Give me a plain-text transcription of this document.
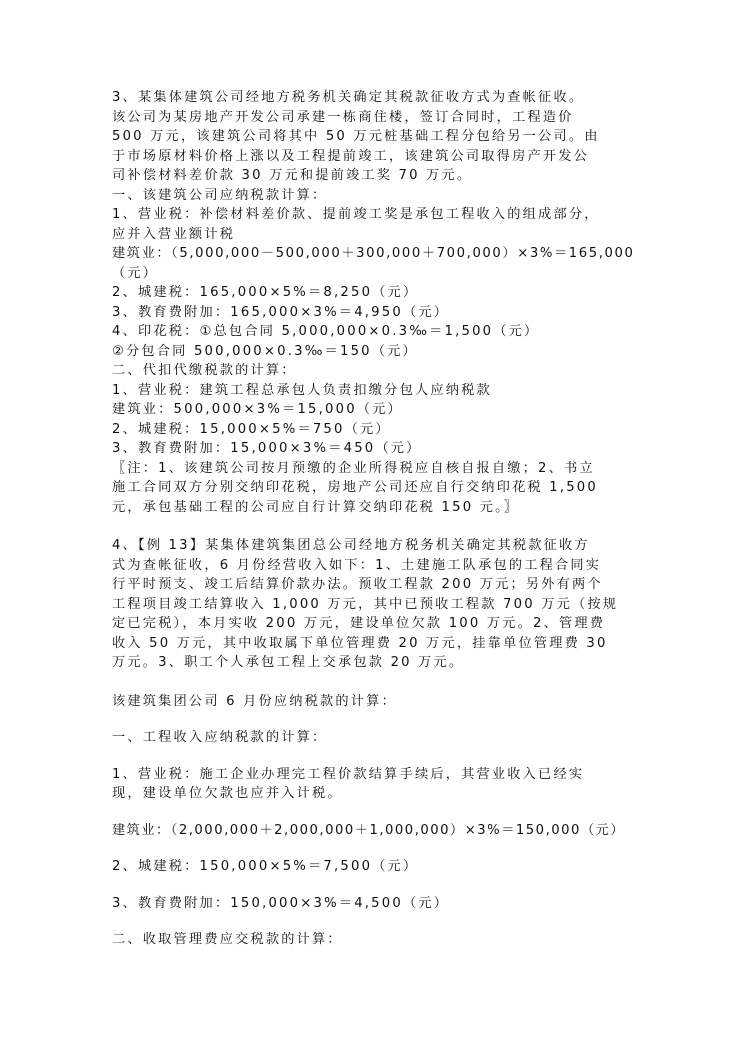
3、某集体建筑公司经地方税务机关确定其税款征收方式为查帐征收。
该公司为某房地产开发公司承建一栋商住楼，签订合同时，工程造价
500 万元，该建筑公司将其中 50 万元桩基础工程分包给另一公司。由
于市场原材料价格上涨以及工程提前竣工，该建筑公司取得房产开发公
司补偿材料差价款 30 万元和提前竣工奖 70 万元。
一、该建筑公司应纳税款计算：
1、营业税：补偿材料差价款、提前竣工奖是承包工程收入的组成部分，
应并入营业额计税
建筑业：（5,000,000－500,000＋300,000＋700,000）×3%＝165,000
（元）
2、城建税：165,000×5%＝8,250（元）
3、教育费附加：165,000×3%＝4,950（元）
4、印花税：①总包合同 5,000,000×0.3‰＝1,500（元）
②分包合同 500,000×0.3‰＝150（元）
二、代扣代缴税款的计算：
1、营业税：建筑工程总承包人负责扣缴分包人应纳税款
建筑业：500,000×3%＝15,000（元）
2、城建税：15,000×5%＝750（元）
3、教育费附加：15,000×3%＝450（元）
〖注：1、该建筑公司按月预缴的企业所得税应自核自报自缴；2、书立
施工合同双方分别交纳印花税，房地产公司还应自行交纳印花税 1,500
元，承包基础工程的公司应自行计算交纳印花税 150 元。〗
4、【例 13】某集体建筑集团总公司经地方税务机关确定其税款征收方
式为查帐征收，6 月份经营收入如下：1、土建施工队承包的工程合同实
行平时预支、竣工后结算价款办法。预收工程款 200 万元；另外有两个
工程项目竣工结算收入 1,000 万元，其中已预收工程款 700 万元（按规
定已完税），本月实收 200 万元，建设单位欠款 100 万元。2、管理费
收入 50 万元，其中收取属下单位管理费 20 万元，挂靠单位管理费 30
万元。3、职工个人承包工程上交承包款 20 万元。
该建筑集团公司 6 月份应纳税款的计算：
一、工程收入应纳税款的计算：
1、营业税：施工企业办理完工程价款结算手续后，其营业收入已经实
现，建设单位欠款也应并入计税。
建筑业：（2,000,000＋2,000,000＋1,000,000）×3%＝150,000（元）
2、城建税：150,000×5%＝7,500（元）
3、教育费附加：150,000×3%＝4,500（元）
二、收取管理费应交税款的计算：
